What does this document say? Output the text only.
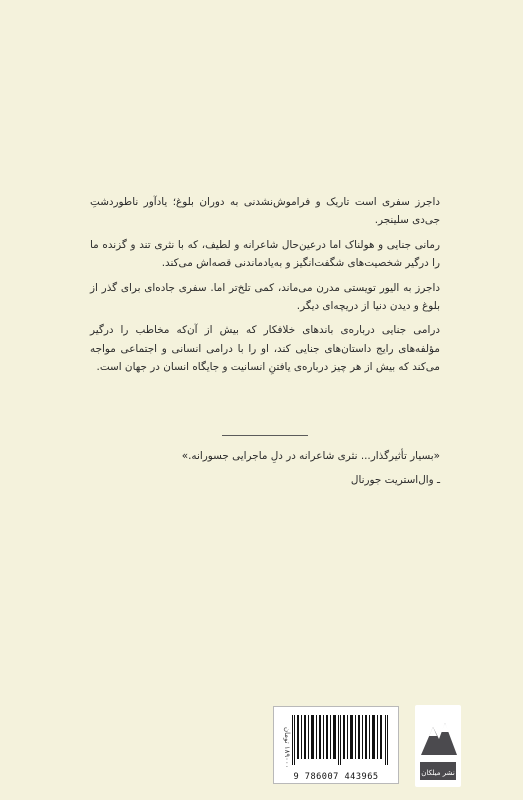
داجرز سفری است تاریک و فراموش‌نشدنی به دوران بلوغ؛ یادآور ناطوردشتِ جی‌دی سلینجر.

رمانی جنایی و هولناک اما درعین‌حال شاعرانه و لطیف، که با نثری تند و گزنده ما را درگیر شخصیت‌های شگفت‌انگیز و به‌یادماندنی قصه‌اش می‌کند.

داجرز به الیور تویستی مدرن می‌ماند، کمی تلخ‌تر اما. سفری جاده‌ای برای گذر از بلوغ و دیدن دنیا از دریچه‌ای دیگر.

درامی جنایی درباره‌ی باندهای خلافکار که بیش از آن‌که مخاطب را درگیر مؤلفه‌های رایج داستان‌های جنایی کند، او را با درامی انسانی و اجتماعی مواجه می‌کند که بیش از هر چیز درباره‌ی یافتنِ انسانیت و جایگاه انسان در جهان است.

«بسیار تأثیرگذار... نثری شاعرانه در دلِ ماجرایی جسورانه.»
ـ وال‌استریت جورنال
9 786007 443965
۱۸۹۰۰۰ تومان
نشر میلکان
